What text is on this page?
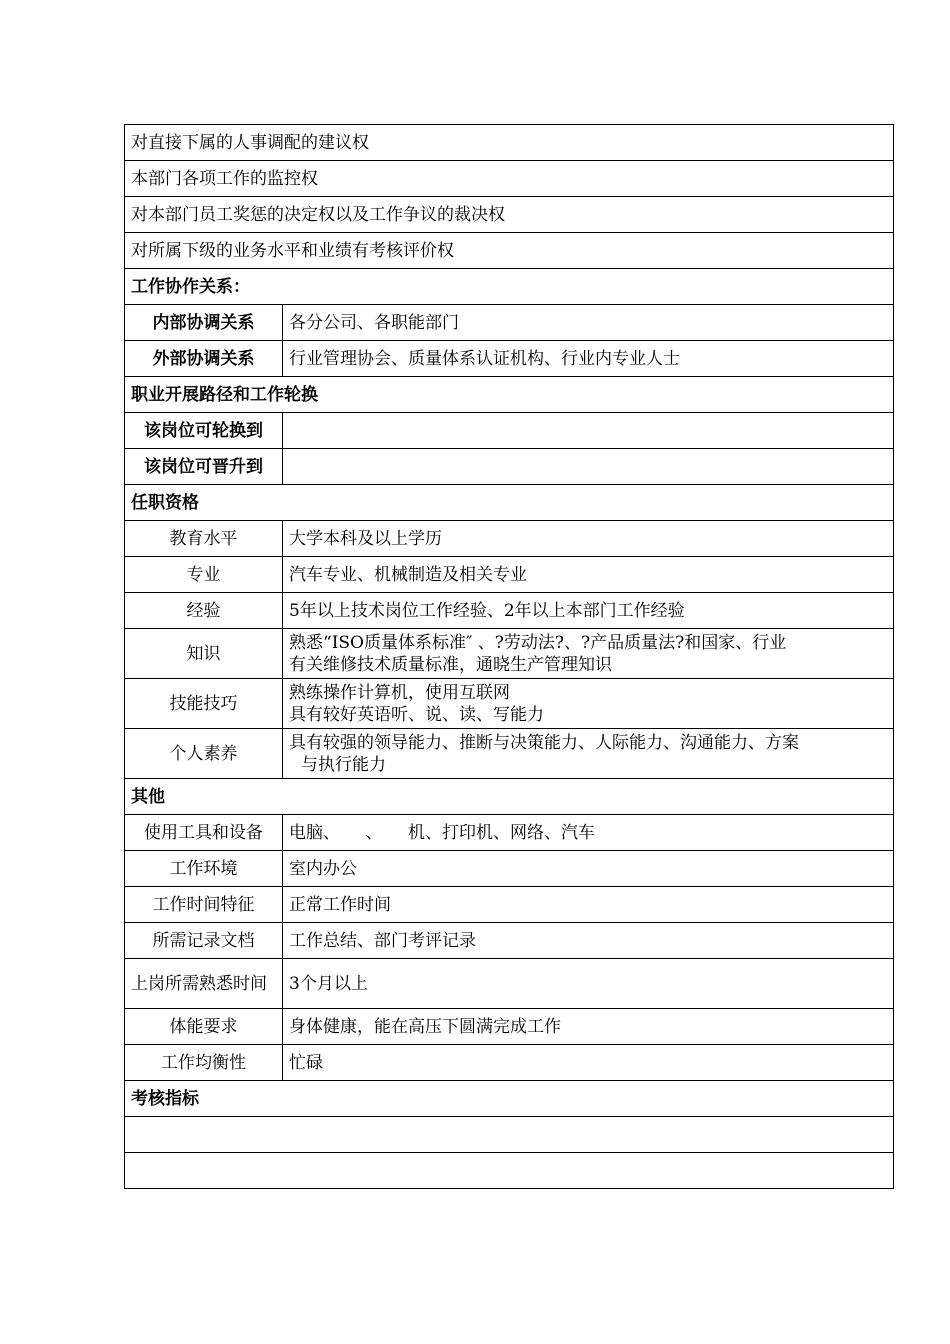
对直接下属的人事调配的建议权	
本部门各项工作的监控权	
对本部门员工奖惩的决定权以及工作争议的裁决权	
对所属下级的业务水平和业绩有考核评价权	
工作协作关系：	
内部协调关系	各分公司、各职能部门
外部协调关系	行业管理协会、质量体系认证机构、行业内专业人士
职业开展路径和工作轮换	
该岗位可轮换到	
该岗位可晋升到	
任职资格	
教育水平	大学本科及以上学历
专业	汽车专业、机械制造及相关专业
经验	5年以上技术岗位工作经验、2年以上本部门工作经验
知识	熟悉“ISO质量体系标准″ 、?劳动法?、?产品质量法?和国家、行业
有关维修技术质量标准，通晓生产管理知识

技能技巧	熟练操作计算机，使用互联网
具有较好英语听、说、读、写能力

个人素养	具有较强的领导能力、推断与决策能力、人际能力、沟通能力、方案
与执行能力

其他	
使用工具和设备	电脑、　　、　　机、打印机、网络、汽车
工作环境	室内办公
工作时间特征	正常工作时间
所需记录文档	工作总结、部门考评记录
上岗所需熟悉时间	3个月以上
体能要求	身体健康，能在高压下圆满完成工作
工作均衡性	忙碌
考核指标	
